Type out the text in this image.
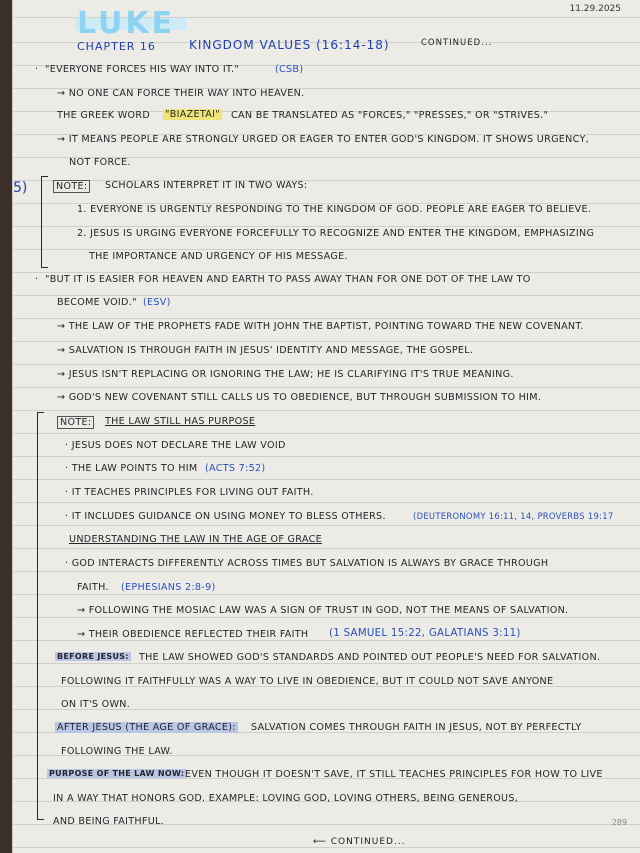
LUKE	11.29.2025
CHAPTER 16	KINGDOM VALUES (16:14-18)	CONTINUED...
5)
· "EVERYONE FORCES HIS WAY INTO IT."	(CSB)
→ NO ONE CAN FORCE THEIR WAY INTO HEAVEN.
THE GREEK WORD "BIAZETAI" CAN BE TRANSLATED AS "FORCES," "PRESSES," OR "STRIVES."
→ IT MEANS PEOPLE ARE STRONGLY URGED OR EAGER TO ENTER GOD'S KINGDOM. IT SHOWS URGENCY,
NOT FORCE.
NOTE:	SCHOLARS INTERPRET IT IN TWO WAYS:
1. EVERYONE IS URGENTLY RESPONDING TO THE KINGDOM OF GOD. PEOPLE ARE EAGER TO BELIEVE.
2. JESUS IS URGING EVERYONE FORCEFULLY TO RECOGNIZE AND ENTER THE KINGDOM, EMPHASIZING
THE IMPORTANCE AND URGENCY OF HIS MESSAGE.
· "BUT IT IS EASIER FOR HEAVEN AND EARTH TO PASS AWAY THAN FOR ONE DOT OF THE LAW TO
BECOME VOID." (ESV)
→ THE LAW OF THE PROPHETS FADE WITH JOHN THE BAPTIST, POINTING TOWARD THE NEW COVENANT.
→ SALVATION IS THROUGH FAITH IN JESUS' IDENTITY AND MESSAGE, THE GOSPEL.
→ JESUS ISN'T REPLACING OR IGNORING THE LAW; HE IS CLARIFYING IT'S TRUE MEANING.
→ GOD'S NEW COVENANT STILL CALLS US TO OBEDIENCE, BUT THROUGH SUBMISSION TO HIM.
NOTE:	THE LAW STILL HAS PURPOSE
· JESUS DOES NOT DECLARE THE LAW VOID
· THE LAW POINTS TO HIM (ACTS 7:52)
· IT TEACHES PRINCIPLES FOR LIVING OUT FAITH.
· IT INCLUDES GUIDANCE ON USING MONEY TO BLESS OTHERS.	(DEUTERONOMY 16:11, 14, PROVERBS 19:17
UNDERSTANDING THE LAW IN THE AGE OF GRACE
· GOD INTERACTS DIFFERENTLY ACROSS TIMES BUT SALVATION IS ALWAYS BY GRACE THROUGH
FAITH. (EPHESIANS 2:8-9)
→ FOLLOWING THE MOSIAC LAW WAS A SIGN OF TRUST IN GOD, NOT THE MEANS OF SALVATION.
→ THEIR OBEDIENCE REFLECTED THEIR FAITH (1 SAMUEL 15:22, GALATIANS 3:11)
BEFORE JESUS: THE LAW SHOWED GOD'S STANDARDS AND POINTED OUT PEOPLE'S NEED FOR SALVATION.
FOLLOWING IT FAITHFULLY WAS A WAY TO LIVE IN OBEDIENCE, BUT IT COULD NOT SAVE ANYONE
ON IT'S OWN.
AFTER JESUS (THE AGE OF GRACE): SALVATION COMES THROUGH FAITH IN JESUS, NOT BY PERFECTLY
FOLLOWING THE LAW.
PURPOSE OF THE LAW NOW: EVEN THOUGH IT DOESN'T SAVE, IT STILL TEACHES PRINCIPLES FOR HOW TO LIVE
IN A WAY THAT HONORS GOD. EXAMPLE: LOVING GOD, LOVING OTHERS, BEING GENEROUS,
AND BEING FAITHFUL.	289
⟵ CONTINUED...
